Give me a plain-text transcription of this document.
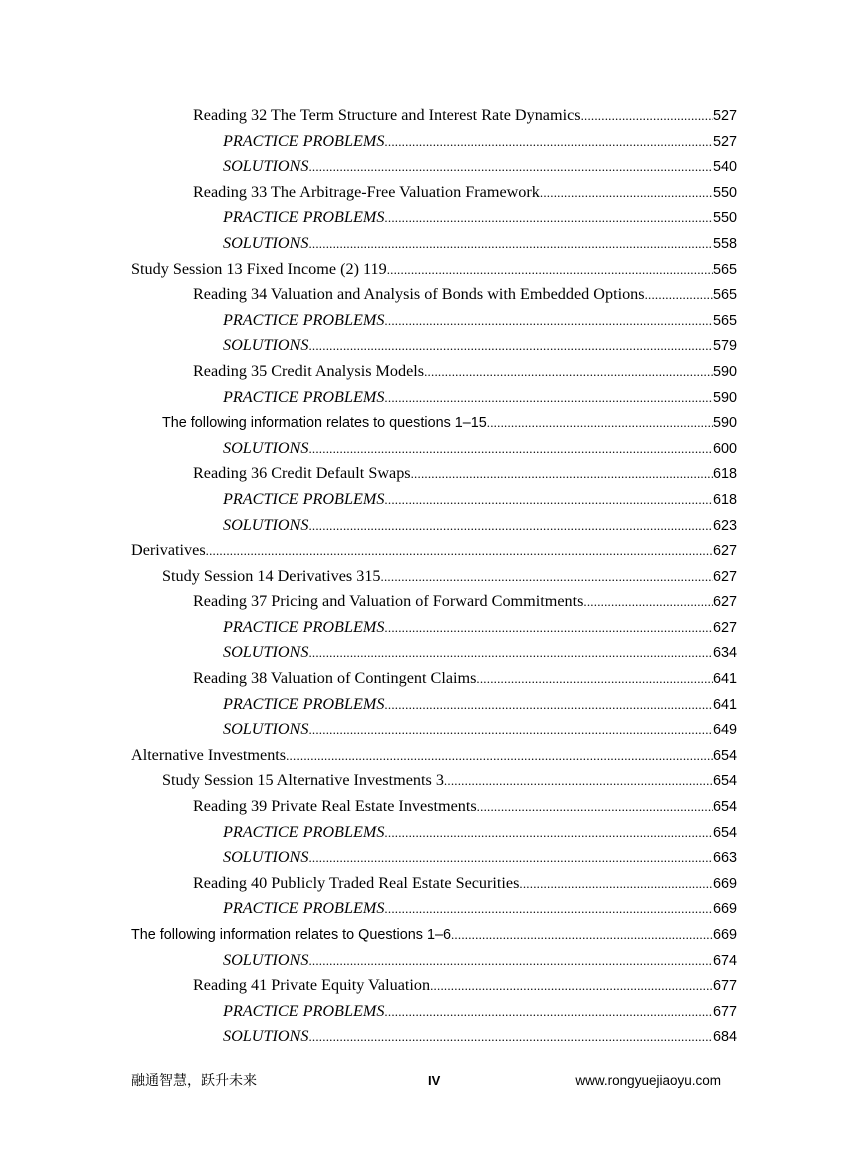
Reading 32 The Term Structure and Interest Rate Dynamics .....	527
PRACTICE PROBLEMS .....	527
SOLUTIONS .....	540
Reading 33 The Arbitrage-Free Valuation Framework .....	550
PRACTICE PROBLEMS .....	550
SOLUTIONS .....	558
Study Session 13 Fixed Income (2) 119 .....	565
Reading 34 Valuation and Analysis of Bonds with Embedded Options .....	565
PRACTICE PROBLEMS .....	565
SOLUTIONS .....	579
Reading 35 Credit Analysis Models .....	590
PRACTICE PROBLEMS .....	590
The following information relates to questions 1–15 .....	590
SOLUTIONS .....	600
Reading 36 Credit Default Swaps .....	618
PRACTICE PROBLEMS .....	618
SOLUTIONS .....	623
Derivatives .....	627
Study Session 14 Derivatives 315 .....	627
Reading 37 Pricing and Valuation of Forward Commitments .....	627
PRACTICE PROBLEMS .....	627
SOLUTIONS .....	634
Reading 38 Valuation of Contingent Claims .....	641
PRACTICE PROBLEMS .....	641
SOLUTIONS .....	649
Alternative Investments .....	654
Study Session 15 Alternative Investments 3 .....	654
Reading 39 Private Real Estate Investments .....	654
PRACTICE PROBLEMS .....	654
SOLUTIONS .....	663
Reading 40 Publicly Traded Real Estate Securities .....	669
PRACTICE PROBLEMS .....	669
The following information relates to Questions 1–6 .....	669
SOLUTIONS .....	674
Reading 41 Private Equity Valuation .....	677
PRACTICE PROBLEMS .....	677
SOLUTIONS .....	684
融通智慧，跃升未来	IV	www.rongyuejiaoyu.com
